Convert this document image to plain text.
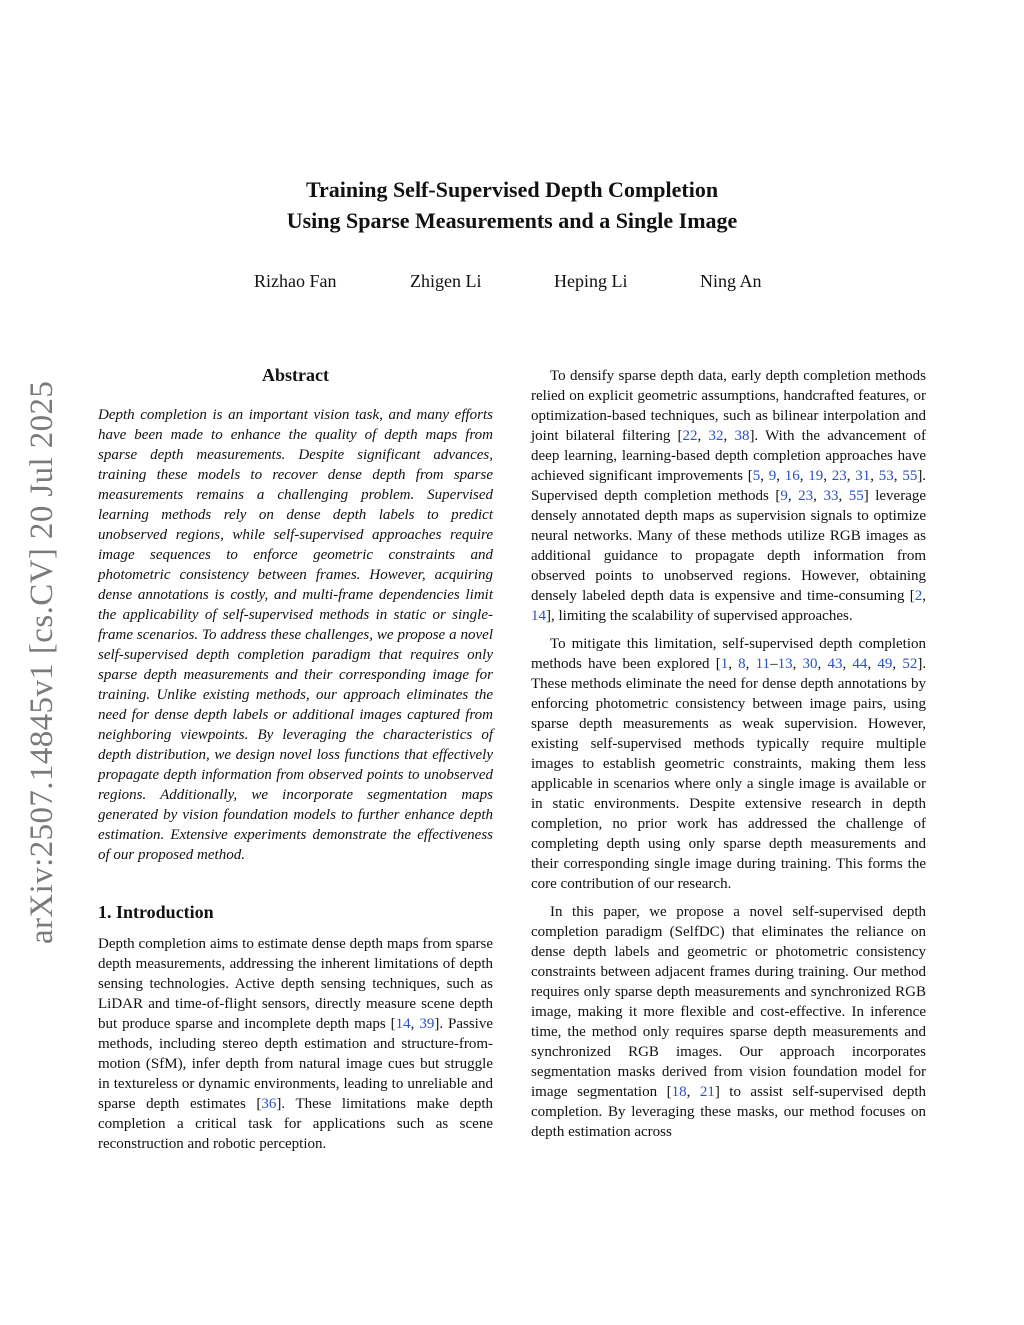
Training Self-Supervised Depth Completion
Using Sparse Measurements and a Single Image
Rizhao Fan	Zhigen Li	Heping Li	Ning An
arXiv:2507.14845v1 [cs.CV] 20 Jul 2025
Abstract

Depth completion is an important vision task, and many efforts have been made to enhance the quality of depth maps from sparse depth measurements. Despite significant advances, training these models to recover dense depth from sparse measurements remains a challenging problem. Supervised learning methods rely on dense depth labels to predict unobserved regions, while self-supervised approaches require image sequences to enforce geometric constraints and photometric consistency between frames. However, acquiring dense annotations is costly, and multi-frame dependencies limit the applicability of self-supervised methods in static or single-frame scenarios. To address these challenges, we propose a novel self-supervised depth completion paradigm that requires only sparse depth measurements and their corresponding image for training. Unlike existing methods, our approach eliminates the need for dense depth labels or additional images captured from neighboring viewpoints. By leveraging the characteristics of depth distribution, we design novel loss functions that effectively propagate depth information from observed points to unobserved regions. Additionally, we incorporate segmentation maps generated by vision foundation models to further enhance depth estimation. Extensive experiments demonstrate the effectiveness of our proposed method.

1. Introduction

Depth completion aims to estimate dense depth maps from sparse depth measurements, addressing the inherent limitations of depth sensing technologies. Active depth sensing techniques, such as LiDAR and time-of-flight sensors, directly measure scene depth but produce sparse and incomplete depth maps [14, 39]. Passive methods, including stereo depth estimation and structure-from-motion (SfM), infer depth from natural image cues but struggle in textureless or dynamic environments, leading to unreliable and sparse depth estimates [36]. These limitations make depth completion a critical task for applications such as scene reconstruction and robotic perception.

To densify sparse depth data, early depth completion methods relied on explicit geometric assumptions, handcrafted features, or optimization-based techniques, such as bilinear interpolation and joint bilateral filtering [22, 32, 38]. With the advancement of deep learning, learning-based depth completion approaches have achieved significant improvements [5, 9, 16, 19, 23, 31, 53, 55]. Supervised depth completion methods [9, 23, 33, 55] leverage densely annotated depth maps as supervision signals to optimize neural networks. Many of these methods utilize RGB images as additional guidance to propagate depth information from observed points to unobserved regions. However, obtaining densely labeled depth data is expensive and time-consuming [2, 14], limiting the scalability of supervised approaches.

To mitigate this limitation, self-supervised depth completion methods have been explored [1, 8, 11–13, 30, 43, 44, 49, 52]. These methods eliminate the need for dense depth annotations by enforcing photometric consistency between image pairs, using sparse depth measurements as weak supervision. However, existing self-supervised methods typically require multiple images to establish geometric constraints, making them less applicable in scenarios where only a single image is available or in static environments. Despite extensive research in depth completion, no prior work has addressed the challenge of completing depth using only sparse depth measurements and their corresponding single image during training. This forms the core contribution of our research.

In this paper, we propose a novel self-supervised depth completion paradigm (SelfDC) that eliminates the reliance on dense depth labels and geometric or photometric consistency constraints between adjacent frames during training. Our method requires only sparse depth measurements and synchronized RGB image, making it more flexible and cost-effective. In inference time, the method only requires sparse depth measurements and synchronized RGB images. Our approach incorporates segmentation masks derived from vision foundation model for image segmentation [18, 21] to assist self-supervised depth completion. By leveraging these masks, our method focuses on depth estimation across
